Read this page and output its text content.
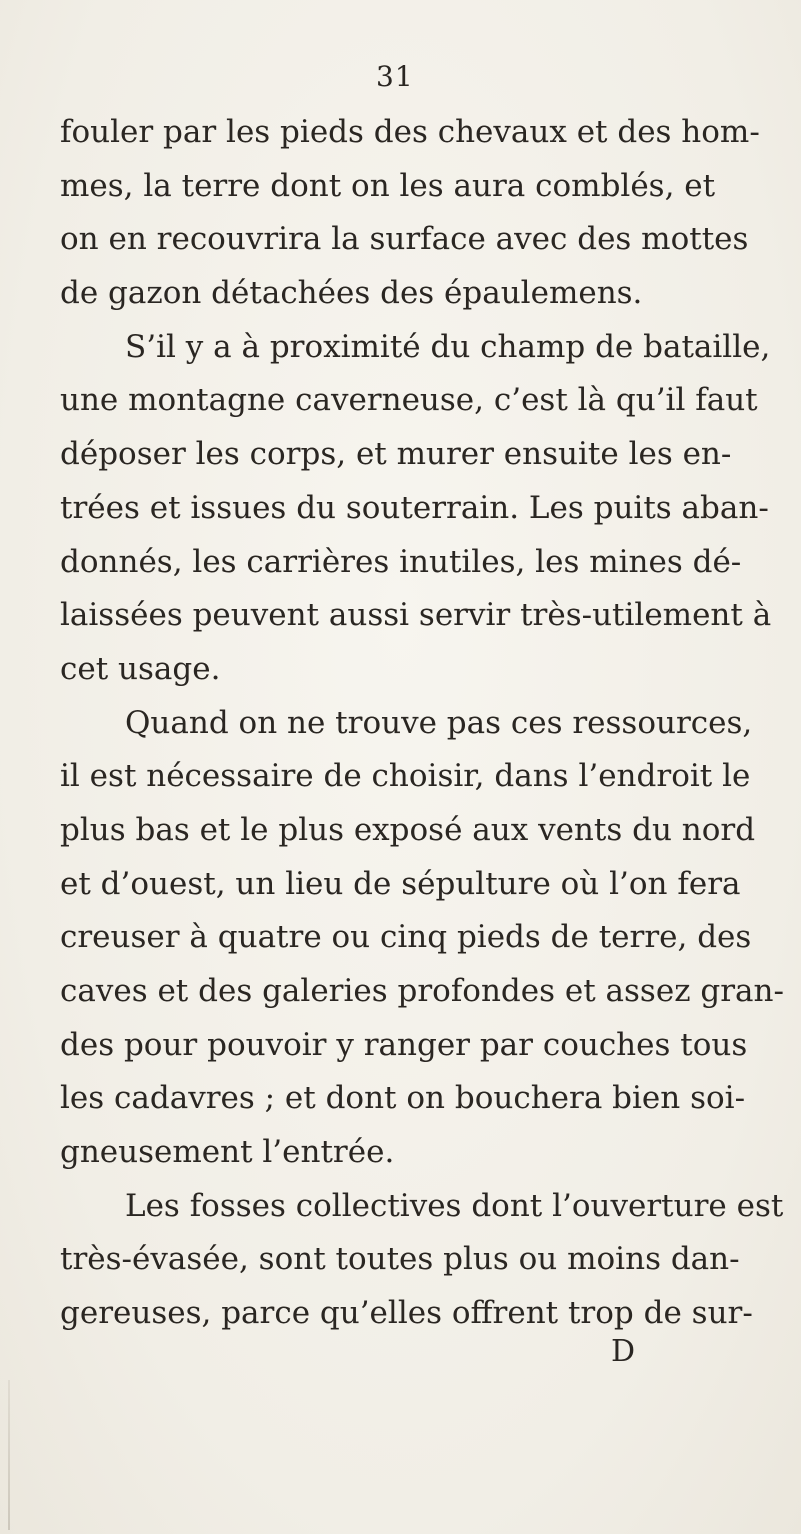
31
fouler par les pieds des chevaux et des hom-
mes, la terre dont on les aura comblés, et
on en recouvrira la surface avec des mottes
de gazon détachées des épaulemens.
S’il y a à proximité du champ de bataille,
une montagne caverneuse, c’est là qu’il faut
déposer les corps, et murer ensuite les en-
trées et issues du souterrain. Les puits aban-
donnés, les carrières inutiles, les mines dé-
laissées peuvent aussi servir très-utilement à
cet usage.
Quand on ne trouve pas ces ressources,
il est nécessaire de choisir, dans l’endroit le
plus bas et le plus exposé aux vents du nord
et d’ouest, un lieu de sépulture où l’on fera
creuser à quatre ou cinq pieds de terre, des
caves et des galeries profondes et assez gran-
des pour pouvoir y ranger par couches tous
les cadavres ; et dont on bouchera bien soi-
gneusement l’entrée.
Les fosses collectives dont l’ouverture est
très-évasée, sont toutes plus ou moins dan-
gereuses, parce qu’elles offrent trop de sur-
D
